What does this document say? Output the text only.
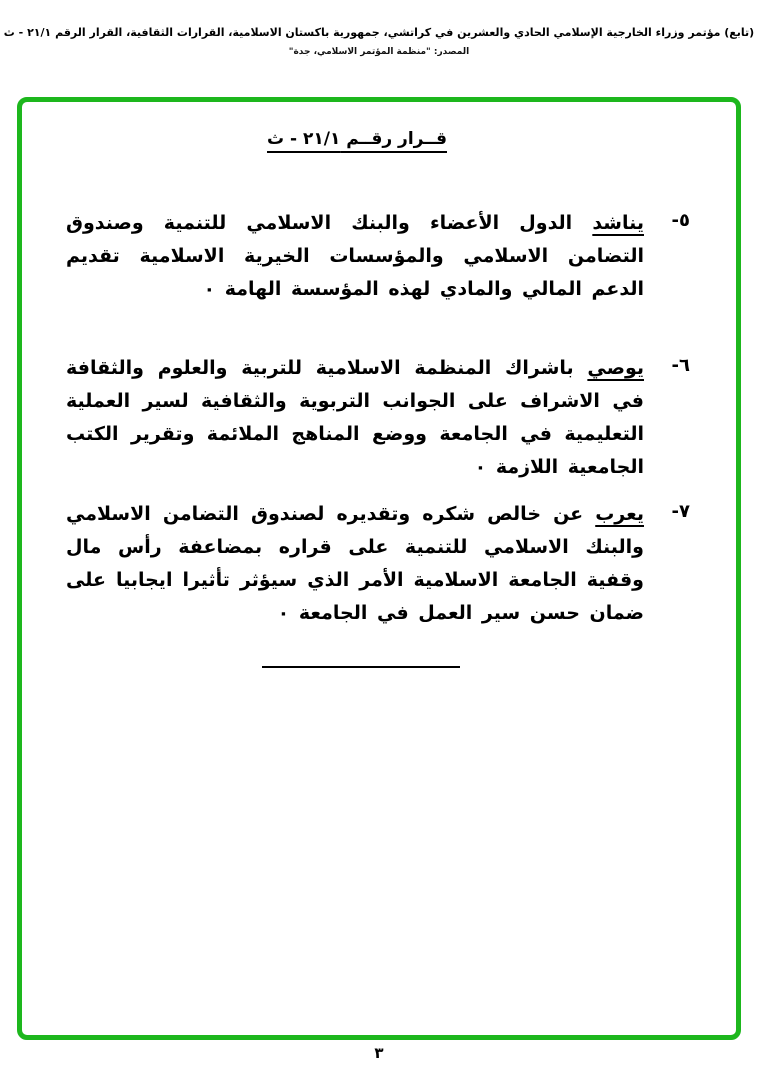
(تابع) مؤتمر وزراء الخارجية الإسلامي الحادي والعشرين في كراتشي، جمهورية باكستان الاسلامية، القرارات الثقافية، القرار الرقم ٢١/١ - ث
المصدر: "منظمة المؤتمر الاسلامي، جدة"
قــرار رقــم ٢١/١ - ث
٥-

يناشد الدول الأعضاء والبنك الاسلامي للتنمية وصندوق التضامن الاسلامي والمؤسسات الخيرية الاسلامية تقديم الدعم المالي والمادي لهذه المؤسسة الهامة ٠

٦-

يوصي باشراك المنظمة الاسلامية للتربية والعلوم والثقافة في الاشراف على الجوانب التربوية والثقافية لسير العملية التعليمية في الجامعة ووضع المناهج الملائمة وتقرير الكتب الجامعية اللازمة ٠

٧-

يعرب عن خالص شكره وتقديره لصندوق التضامن الاسلامي والبنك الاسلامي للتنمية على قراره بمضاعفة رأس مال وقفية الجامعة الاسلامية الأمر الذي سيؤثر تأثيرا ايجابيا على ضمان حسن سير العمل في الجامعة ٠

٣
